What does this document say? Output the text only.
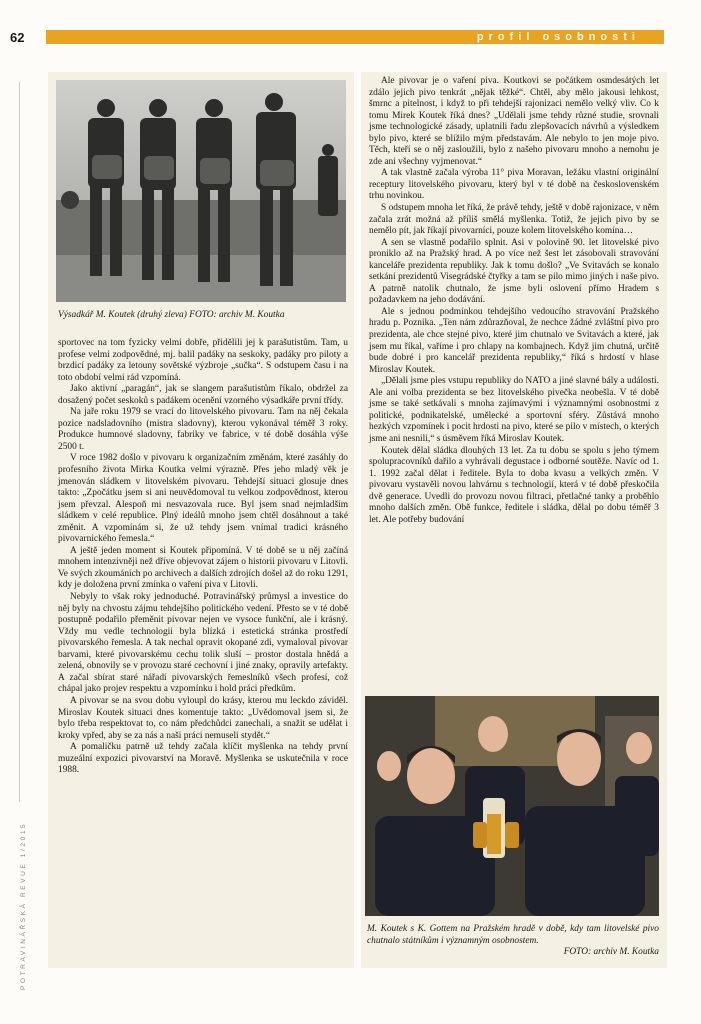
62	profil osobnosti
POTRAVINÁŘSKÁ REVUE 1/2015
Výsadkář M. Koutek (druhý zleva) FOTO: archiv M. Koutka

sportovec na tom fyzicky velmi dobře, přidělili jej k parašutistům. Tam, u profese velmi zodpovědné, mj. balil padáky na seskoky, padáky pro piloty a brzdicí padáky za letouny sovětské výzbroje „sučka“. S odstupem času i na toto období velmi rád vzpomíná.

Jako aktivní „paragán“, jak se slangem parašutistům říkalo, obdržel za dosažený počet seskoků s padákem ocenění vzorného výsadkáře první třídy.

Na jaře roku 1979 se vrací do litovelského pivovaru. Tam na něj čekala pozice nadsladovního (mistra sladovny), kterou vykonával téměř 3 roky. Produkce humnové sladovny, fabriky ve fabrice, v té době dosáhla výše 2500 t.

V roce 1982 došlo v pivovaru k organizačním změnám, které zasáhly do profesního života Mirka Koutka velmi výrazně. Přes jeho mladý věk je jmenován sládkem v litovelském pivovaru. Tehdejší situaci glosuje dnes takto: „Zpočátku jsem si ani neuvědomoval tu velkou zodpovědnost, kterou jsem převzal. Alespoň mi nesvazovala ruce. Byl jsem snad nejmladším sládkem v celé republice. Plný ideálů mnoho jsem chtěl dosáhnout a také změnit. A vzpomínám si, že už tehdy jsem vnímal tradici krásného pivovarnického řemesla.“

A ještě jeden moment si Koutek připomíná. V té době se u něj začíná mnohem intenzivněji než dříve objevovat zájem o historii pivovaru v Litovli. Ve svých zkoumáních po archivech a dalších zdrojích došel až do roku 1291, kdy je doložena první zmínka o vaření piva v Litovli.

Nebyly to však roky jednoduché. Potravinářský průmysl a investice do něj byly na chvostu zájmu tehdejšího politického vedení. Přesto se v té době postupně podařilo přeměnit pivovar nejen ve vysoce funkční, ale i krásný. Vždy mu vedle technologii byla blízká i estetická stránka prostředí pivovarského řemesla. A tak nechal opravit okopané zdi, vymaloval pivovar barvami, které pivovarskému cechu tolik sluší – prostor dostala hnědá a zelená, obnovily se v provozu staré cechovní i jiné znaky, opravily artefakty. A začal sbírat staré nářadí pivovarských řemeslníků všech profesí, což chápal jako projev respektu a vzpomínku i hold práci předkům.

A pivovar se na svou dobu vyloupl do krásy, kterou mu leckdo záviděl. Miroslav Koutek situaci dnes komentuje takto: „Uvědomoval jsem si, že bylo třeba respektovat to, co nám předchůdci zanechali, a snažit se udělat i kroky vpřed, aby se za nás a naši práci nemuseli stydět.“

A pomaličku patrně už tehdy začala klíčit myšlenka na tehdy první muzeální expozici pivovarství na Moravě. Myšlenka se uskutečnila v roce 1988.

Ale pivovar je o vaření piva. Koutkovi se počátkem osmdesátých let zdálo jejich pivo tenkrát „nějak těžké“. Chtěl, aby mělo jakousi lehkost, šmrnc a pitelnost, i když to při tehdejší rajonizaci nemělo velký vliv. Co k tomu Mirek Koutek říká dnes? „Udělali jsme tehdy různé studie, srovnali jsme technologické zásady, uplatnili řadu zlepšovacích návrhů a výsledkem bylo pivo, které se blížilo mým představám. Ale nebylo to jen moje pivo. Těch, kteří se o něj zasloužili, bylo z našeho pivovaru mnoho a nemohu je zde ani všechny vyjmenovat.“

A tak vlastně začala výroba 11° piva Moravan, ležáku vlastní originální receptury litovelského pivovaru, který byl v té době na československém trhu novinkou.

S odstupem mnoha let říká, že právě tehdy, ještě v době rajonizace, v něm začala zrát možná až příliš smělá myšlenka. Totiž, že jejich pivo by se nemělo pít, jak říkají pivovarníci, pouze kolem litovelského komína…

A sen se vlastně podařilo splnit. Asi v polovině 90. let litovelské pivo proniklo až na Pražský hrad. A po více než šest let zásobovali stravování kanceláře prezidenta republiky. Jak k tomu došlo? „Ve Svitavách se konalo setkání prezidentů Visegrádské čtyřky a tam se pilo mimo jiných i naše pivo. A patrně natolik chutnalo, že jsme byli oslovení přímo Hradem s požadavkem na jeho dodávání.

Ale s jednou podmínkou tehdejšího vedoucího stravování Pražského hradu p. Poznika. „Ten nám zdůrazňoval, že nechce žádné zvláštní pivo pro prezidenta, ale chce stejné pivo, které jim chutnalo ve Svitavách a které, jak jsem mu říkal, vaříme i pro chlapy na kombajnech. Když jim chutná, určitě bude dobré i pro kancelář prezidenta republiky,“ říká s hrdostí v hlase Miroslav Koutek.

„Dělali jsme ples vstupu republiky do NATO a jiné slavné bály a události. Ale ani volba prezidenta se bez litovelského pivečka neobešla. V té době jsme se také setkávali s mnoha zajímavými i významnými osobnostmi z politické, podnikatelské, umělecké a sportovní sféry. Zůstává mnoho hezkých vzpomínek i pocit hrdosti na pivo, které se pilo v místech, o kterých jsme ani nesnili,“ s úsměvem říká Miroslav Koutek.

Koutek dělal sládka dlouhých 13 let. Za tu dobu se spolu s jeho týmem spolupracovníků dařilo a vyhrávali degustace i odborné soutěže. Navíc od 1. 1. 1992 začal dělat i ředitele. Byla to doba kvasu a velkých změn. V pivovaru vystavěli novou lahvárnu s technologií, která v té době přeskočila dvě generace. Uvedli do provozu novou filtraci, přetlačné tanky a proběhlo mnoho dalších změn. Obě funkce, ředitele i sládka, dělal po dobu téměř 3 let. Ale potřeby budování

M. Koutek s K. Gottem na Pražském hradě v době, kdy tam litovelské pivo chutnalo státníkům i významným osobnostem.
FOTO: archiv M. Koutka
